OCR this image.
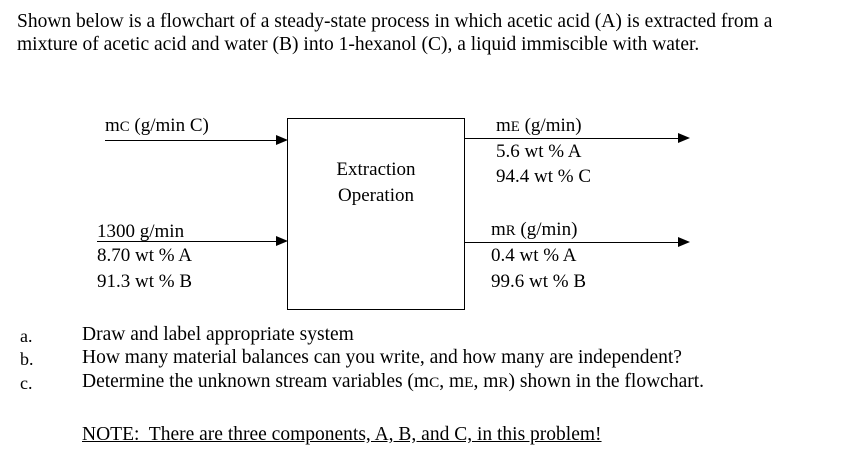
Shown below is a flowchart of a steady-state process in which acetic acid (A) is extracted from a mixture of acetic acid and water (B) into 1-hexanol (C), a liquid immiscible with water.
mC (g/min C)
1300 g/min
8.70 wt % A
91.3 wt % B
Extraction
Operation
mE (g/min)
5.6 wt % A
94.4 wt % C
mR (g/min)
0.4 wt % A
99.6 wt % B
a.	Draw and label appropriate system
b. How many material balances can you write, and how many are independent?
c.	Determine the unknown stream variables (mC, mE, mR) shown in the flowchart.
NOTE:  There are three components, A, B, and C, in this problem!
